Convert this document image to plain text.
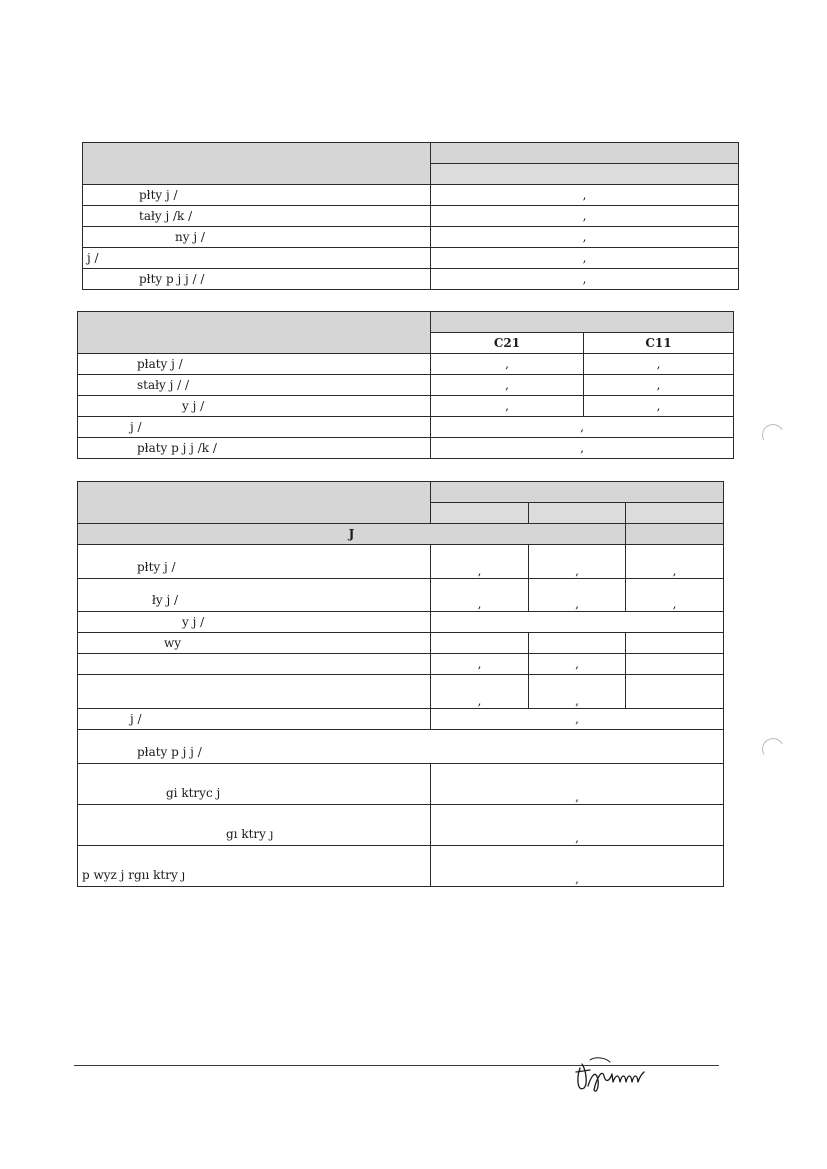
płty j /	,
tały j /k /	,
ny j /	,
j /	,
płty p j j / /	,

	C21	C11
płaty j /	,	,
stały j / /	,	,
y j /	,	,
j /	,	
płaty p j j /k /	,	

J			
płty j /	,	,	,
ły j /	,	,	,
y j /			
wy			
	,	,	
	,	,	
j /	,		
płaty p j j /			
gi ktryc j	,		
gı ktry ȷ	,		
p wyz j rgıı ktry ȷ	,		
